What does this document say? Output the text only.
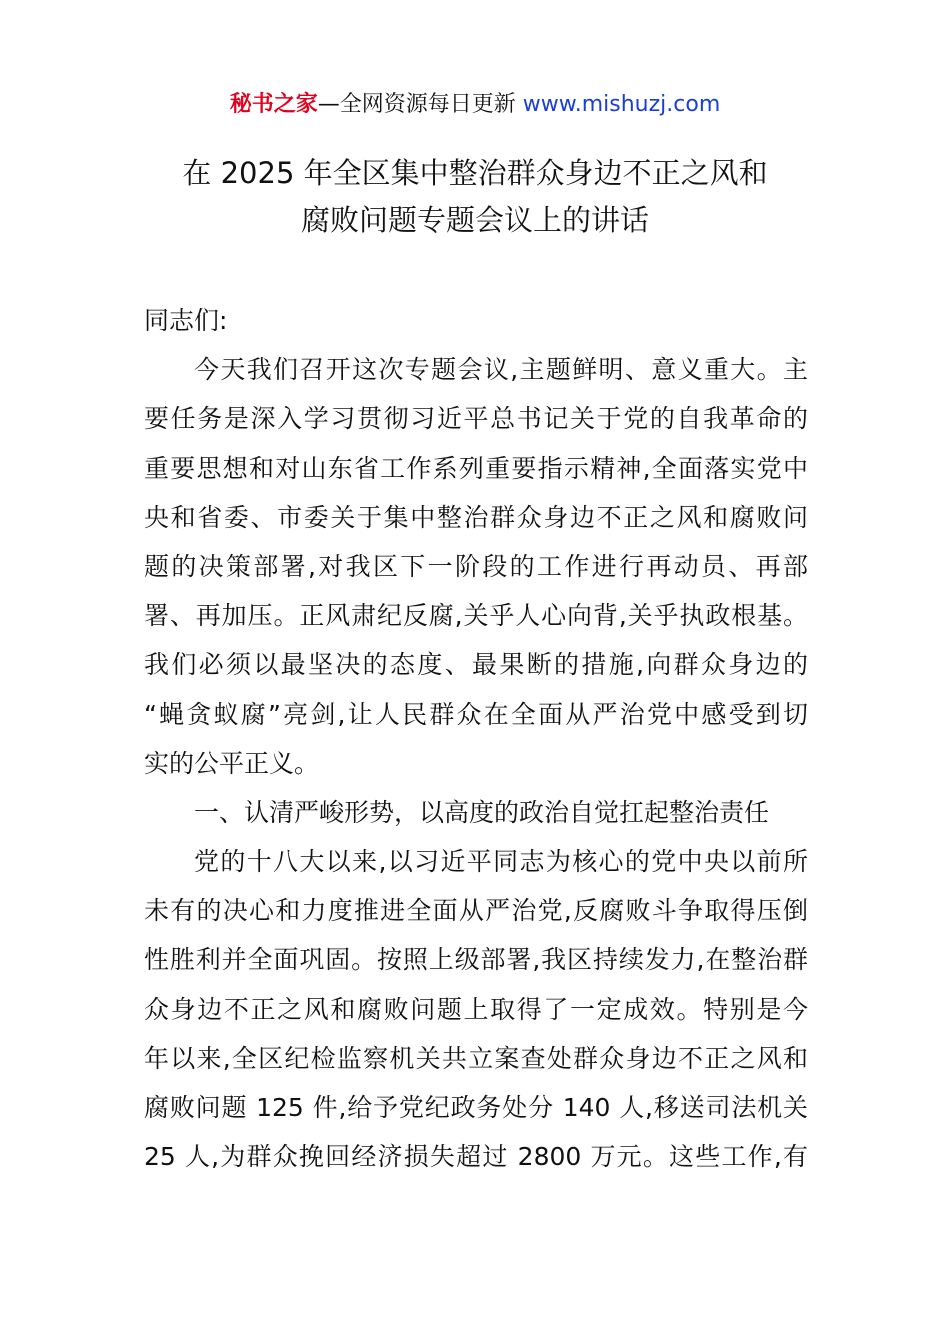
秘书之家—全网资源每日更新 www.mishuzj.com
在 2025 年全区集中整治群众身边不正之风和
腐败问题专题会议上的讲话
同志们:
今天我们召开这次专题会议,主题鲜明、意义重大。主
要任务是深入学习贯彻习近平总书记关于党的自我革命的
重要思想和对山东省工作系列重要指示精神,全面落实党中
央和省委、市委关于集中整治群众身边不正之风和腐败问
题的决策部署,对我区下一阶段的工作进行再动员、再部
署、再加压。正风肃纪反腐,关乎人心向背,关乎执政根基。
我们必须以最坚决的态度、最果断的措施,向群众身边的
“蝇贪蚁腐”亮剑,让人民群众在全面从严治党中感受到切
实的公平正义。
一、认清严峻形势，以高度的政治自觉扛起整治责任
党的十八大以来,以习近平同志为核心的党中央以前所
未有的决心和力度推进全面从严治党,反腐败斗争取得压倒
性胜利并全面巩固。按照上级部署,我区持续发力,在整治群
众身边不正之风和腐败问题上取得了一定成效。特别是今
年以来,全区纪检监察机关共立案查处群众身边不正之风和
腐败问题 125 件,给予党纪政务处分 140 人,移送司法机关
25 人,为群众挽回经济损失超过 2800 万元。这些工作,有
